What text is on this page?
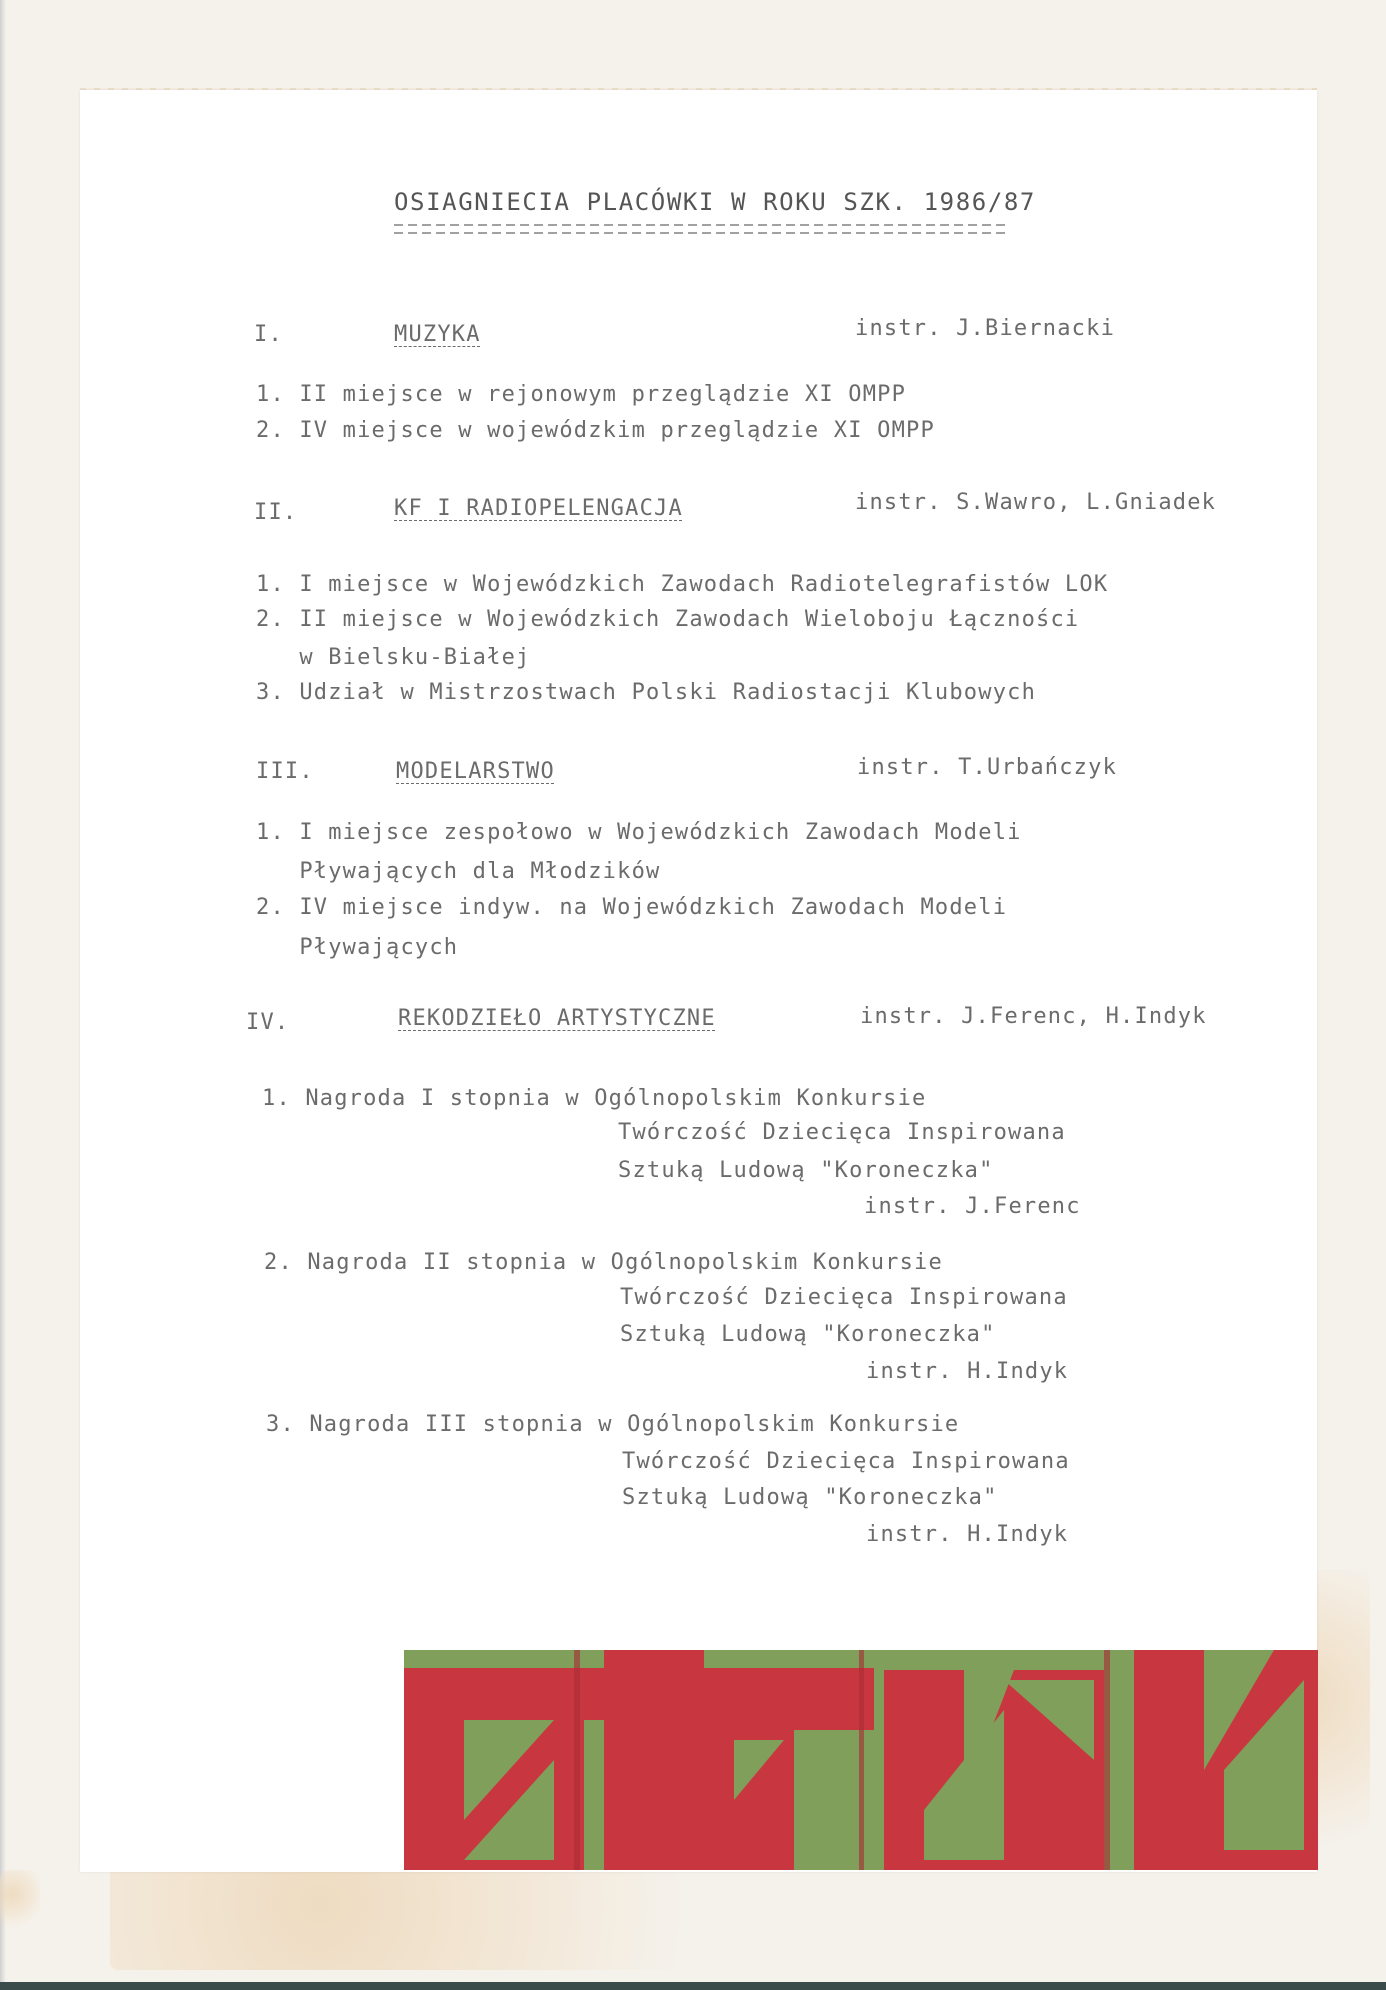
OSIAGNIECIA PLACÓWKI W ROKU SZK. 1986/87
I.	MUZYKA	instr. J.Biernacki
1. II miejsce w rejonowym przeglądzie XI OMPP
2. IV miejsce w wojewódzkim przeglądzie XI OMPP
II.	KF I RADIOPELENGACJA	instr. S.Wawro, L.Gniadek
1. I miejsce w Wojewódzkich Zawodach Radiotelegrafistów LOK
2. II miejsce w Wojewódzkich Zawodach Wieloboju Łączności
w Bielsku-Białej
3. Udział w Mistrzostwach Polski Radiostacji Klubowych
III.	MODELARSTWO	instr. T.Urbańczyk
1. I miejsce zespołowo w Wojewódzkich Zawodach Modeli
Pływających dla Młodzików
2. IV miejsce indyw. na Wojewódzkich Zawodach Modeli
Pływających
IV.	REKODZIEŁO ARTYSTYCZNE	instr. J.Ferenc, H.Indyk
1. Nagroda I stopnia w Ogólnopolskim Konkursie
Twórczość Dziecięca Inspirowana
Sztuką Ludową "Koroneczka"
instr. J.Ferenc
2. Nagroda II stopnia w Ogólnopolskim Konkursie
Twórczość Dziecięca Inspirowana
Sztuką Ludową "Koroneczka"
instr. H.Indyk
3. Nagroda III stopnia w Ogólnopolskim Konkursie
Twórczość Dziecięca Inspirowana
Sztuką Ludową "Koroneczka"
instr. H.Indyk
